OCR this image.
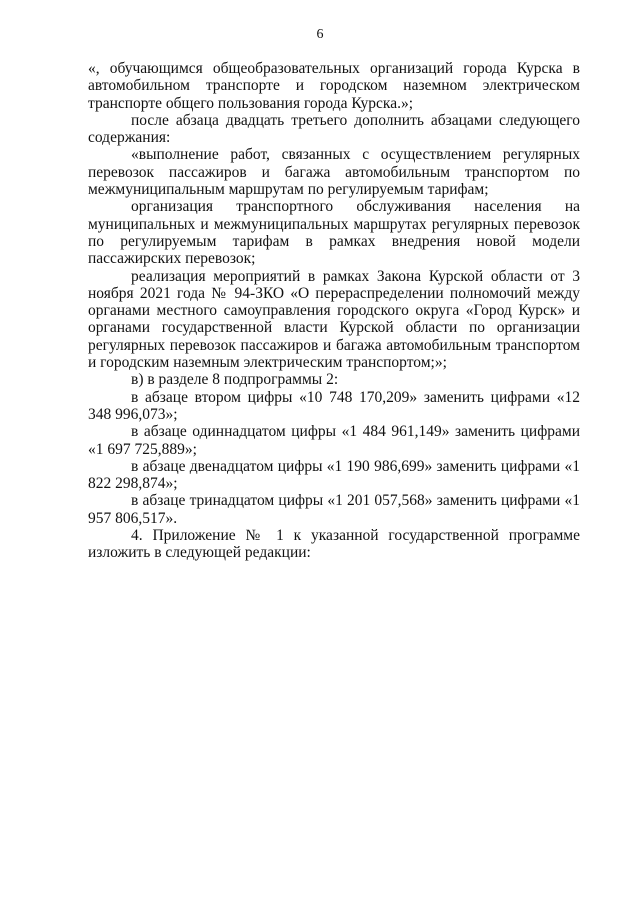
6

«, обучающимся общеобразовательных организаций города Курска в автомобильном транспорте и городском наземном электрическом транспорте общего пользования города Курска.»;

после абзаца двадцать третьего дополнить абзацами следующего содержания:

«выполнение работ, связанных с осуществлением регулярных перевозок пассажиров и багажа автомобильным транспортом по межмуниципальным маршрутам по регулируемым тарифам;

организация транспортного обслуживания населения на муниципальных и межмуниципальных маршрутах регулярных перевозок по регулируемым тарифам в рамках внедрения новой модели пассажирских перевозок;

реализация мероприятий в рамках Закона Курской области от 3 ноября 2021 года № 94-ЗКО «О перераспределении полномочий между органами местного самоуправления городского округа «Город Курск» и органами государственной власти Курской области по организации регулярных перевозок пассажиров и багажа автомобильным транспортом и городским наземным электрическим транспортом;»;

в) в разделе 8 подпрограммы 2:

в абзаце втором цифры «10 748 170,209» заменить цифрами «12 348 996,073»;

в абзаце одиннадцатом цифры «1 484 961,149» заменить цифрами «1 697 725,889»;

в абзаце двенадцатом цифры «1 190 986,699» заменить цифрами «1 822 298,874»;

в абзаце тринадцатом цифры «1 201 057,568» заменить цифрами «1 957 806,517».

4. Приложение № 1 к указанной государственной программе изложить в следующей редакции:
